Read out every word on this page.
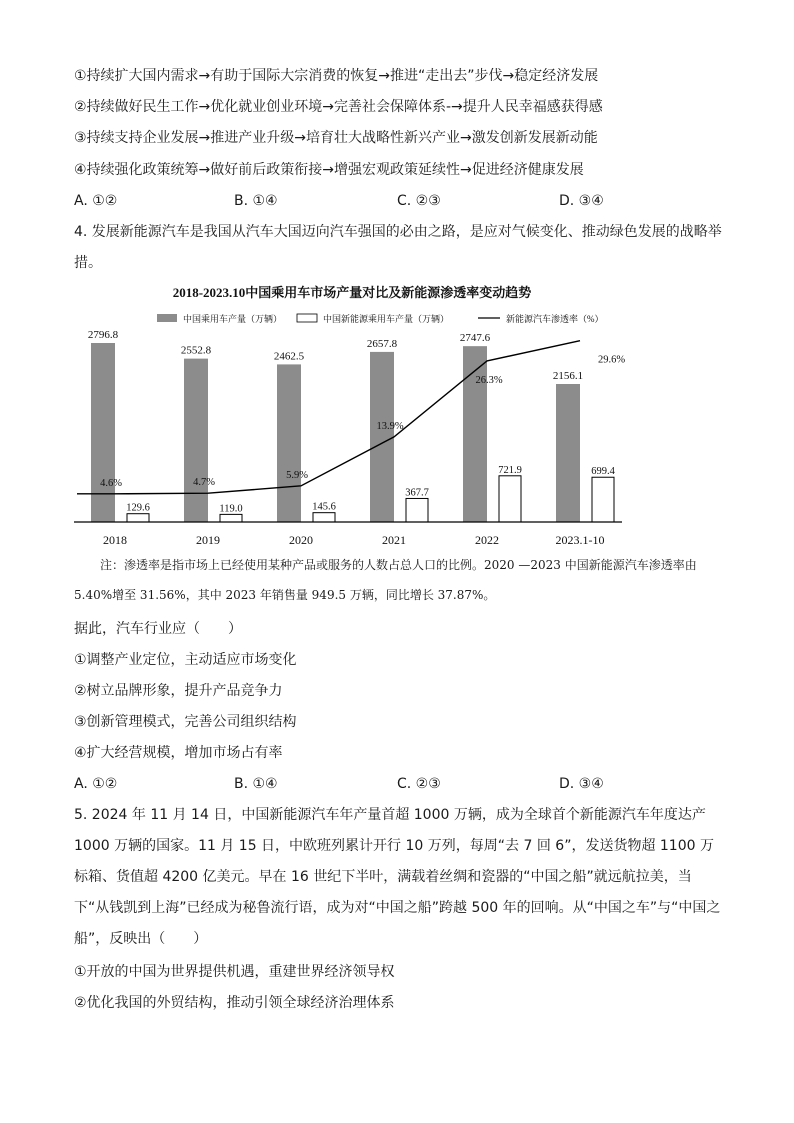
①持续扩大国内需求→有助于国际大宗消费的恢复→推进“走出去”步伐→稳定经济发展
②持续做好民生工作→优化就业创业环境→完善社会保障体系-→提升人民幸福感获得感
③持续支持企业发展→推进产业升级→培育壮大战略性新兴产业→激发创新发展新动能
④持续强化政策统筹→做好前后政策衔接→增强宏观政策延续性→促进经济健康发展
A. ①②	B. ①④	C. ②③	D. ③④
4. 发展新能源汽车是我国从汽车大国迈向汽车强国的必由之路，是应对气候变化、推动绿色发展的战略举措。
2018-2023.10中国乘用车市场产量对比及新能源渗透率变动趋势
中国乘用车产量（万辆）	中国新能源乘用车产量（万辆）	新能源汽车渗透率（%）
2796.8
129.6
2018
4.6%
2552.8
119.0
2019
4.7%
2462.5
145.6
2020
5.9%
2657.8
367.7
2021
13.9%
2747.6
721.9
2022
26.3%	2156.1
699.4
2023.1-10
29.6%
注：渗透率是指市场上已经使用某种产品或服务的人数占总人口的比例。2020 —2023 中国新能源汽车渗透率由 5.40%增至 31.56%，其中 2023 年销售量 949.5 万辆，同比增长 37.87%。
据此，汽车行业应（　　）
①调整产业定位，主动适应市场变化
②树立品牌形象，提升产品竞争力
③创新管理模式，完善公司组织结构
④扩大经营规模，增加市场占有率
A. ①②	B. ①④	C. ②③	D. ③④
5. 2024 年 11 月 14 日，中国新能源汽车年产量首超 1000 万辆，成为全球首个新能源汽车年度达产 1000 万辆的国家。11 月 15 日，中欧班列累计开行 10 万列，每周“去 7 回 6”，发送货物超 1100 万标箱、货值超 4200 亿美元。早在 16 世纪下半叶，满载着丝绸和瓷器的“中国之船”就远航拉美，当下“从钱凯到上海”已经成为秘鲁流行语，成为对“中国之船”跨越 500 年的回响。从“中国之车”与“中国之船”，反映出（　　）
①开放的中国为世界提供机遇，重建世界经济领导权
②优化我国的外贸结构，推动引领全球经济治理体系
